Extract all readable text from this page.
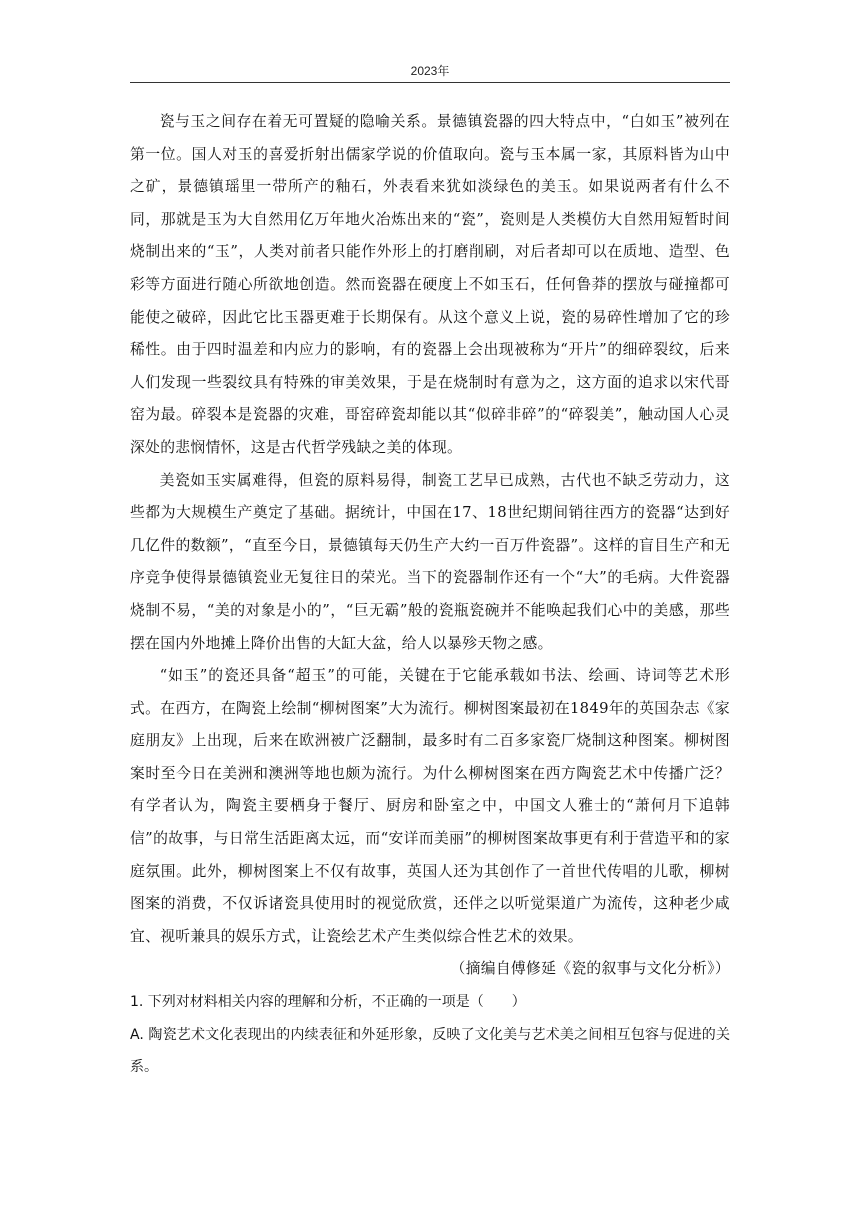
2023年

瓷与玉之间存在着无可置疑的隐喻关系。景德镇瓷器的四大特点中，“白如玉”被列在第一位。国人对玉的喜爱折射出儒家学说的价值取向。瓷与玉本属一家，其原料皆为山中之矿，景德镇瑶里一带所产的釉石，外表看来犹如淡绿色的美玉。如果说两者有什么不同，那就是玉为大自然用亿万年地火冶炼出来的“瓷”，瓷则是人类模仿大自然用短暂时间烧制出来的“玉”，人类对前者只能作外形上的打磨削刷，对后者却可以在质地、造型、色彩等方面进行随心所欲地创造。然而瓷器在硬度上不如玉石，任何鲁莽的摆放与碰撞都可能使之破碎，因此它比玉器更难于长期保有。从这个意义上说，瓷的易碎性增加了它的珍稀性。由于四时温差和内应力的影响，有的瓷器上会出现被称为“开片”的细碎裂纹，后来人们发现一些裂纹具有特殊的审美效果，于是在烧制时有意为之，这方面的追求以宋代哥窑为最。碎裂本是瓷器的灾难，哥窑碎瓷却能以其“似碎非碎”的“碎裂美”，触动国人心灵深处的悲悯情怀，这是古代哲学残缺之美的体现。

美瓷如玉实属难得，但瓷的原料易得，制瓷工艺早已成熟，古代也不缺乏劳动力，这些都为大规模生产奠定了基础。据统计，中国在17、18世纪期间销往西方的瓷器“达到好几亿件的数额”，“直至今日，景德镇每天仍生产大约一百万件瓷器”。这样的盲目生产和无序竞争使得景德镇瓷业无复往日的荣光。当下的瓷器制作还有一个“大”的毛病。大件瓷器烧制不易，“美的对象是小的”，“巨无霸”般的瓷瓶瓷碗并不能唤起我们心中的美感，那些摆在国内外地摊上降价出售的大缸大盆，给人以暴殄天物之感。

“如玉”的瓷还具备“超玉”的可能，关键在于它能承载如书法、绘画、诗词等艺术形式。在西方，在陶瓷上绘制“柳树图案”大为流行。柳树图案最初在1849年的英国杂志《家庭朋友》上出现，后来在欧洲被广泛翻制，最多时有二百多家瓷厂烧制这种图案。柳树图案时至今日在美洲和澳洲等地也颇为流行。为什么柳树图案在西方陶瓷艺术中传播广泛？有学者认为，陶瓷主要栖身于餐厅、厨房和卧室之中，中国文人雅士的“萧何月下追韩信”的故事，与日常生活距离太远，而“安详而美丽”的柳树图案故事更有利于营造平和的家庭氛围。此外，柳树图案上不仅有故事，英国人还为其创作了一首世代传唱的儿歌，柳树图案的消费，不仅诉诸瓷具使用时的视觉欣赏，还伴之以听觉渠道广为流传，这种老少咸宜、视听兼具的娱乐方式，让瓷绘艺术产生类似综合性艺术的效果。

（摘编自傅修延《瓷的叙事与文化分析》）

1. 下列对材料相关内容的理解和分析，不正确的一项是（　　）

A. 陶瓷艺术文化表现出的内续表征和外延形象，反映了文化美与艺术美之间相互包容与促进的关系。
